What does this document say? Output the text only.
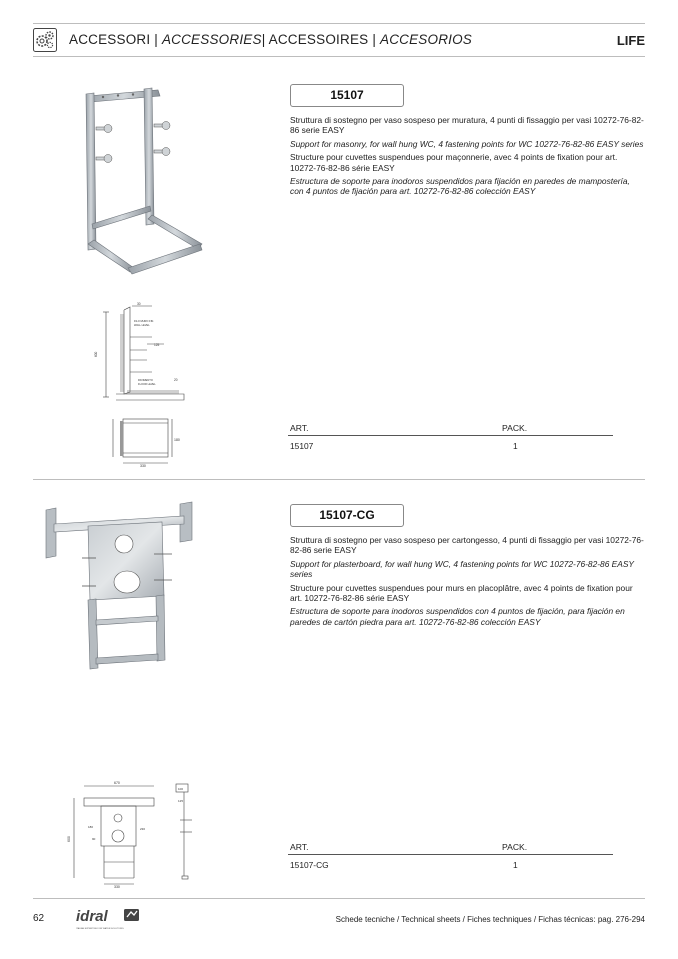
ACCESSORI | ACCESSORIES| ACCESSOIRES | ACCESORIOS	LIFE
600
30
125
20
FILO MURO FIN.
WALL LEVEL
PAVIMENTO
FLOOR LEVEL
330
180
15107

Struttura di sostegno per vaso sospeso per muratura, 4 punti di fissaggio per vasi 10272-76-82-86 serie EASY

Support for masonry, for wall hung WC, 4 fastening points for WC 10272-76-82-86 EASY series

Structure pour cuvettes suspendues pour maçonnerie, avec 4 points de fixation pour art. 10272-76-82-86 série EASY

Estructura de soporte para inodoros suspendidos para fijación en paredes de mampostería, con 4 puntos de fijación para art. 10272-76-82-86 colección EASY

ART.	PACK.
15107	1
670
600
180	230
90
330
100
125
15107-CG

Struttura di sostegno per vaso sospeso per cartongesso, 4 punti di fissaggio per vasi 10272-76-82-86 serie EASY

Support for plasterboard, for wall hung WC, 4 fastening points for WC 10272-76-82-86 EASY series

Structure pour cuvettes suspendues pour murs en placoplâtre, avec 4 points de fixation pour art. 10272-76-82-86 série EASY

Estructura de soporte para inodoros suspendidos con 4 puntos de fijación, para fijación en paredes de cartón piedra para art. 10272-76-82-86 colección EASY

ART.	PACK.
15107-CG	1
62 idral
ITALIAN EXPERTISE FOR WATER SOLUTIONS
Schede tecniche / Technical sheets / Fiches techniques / Fichas técnicas: pag. 276-294
